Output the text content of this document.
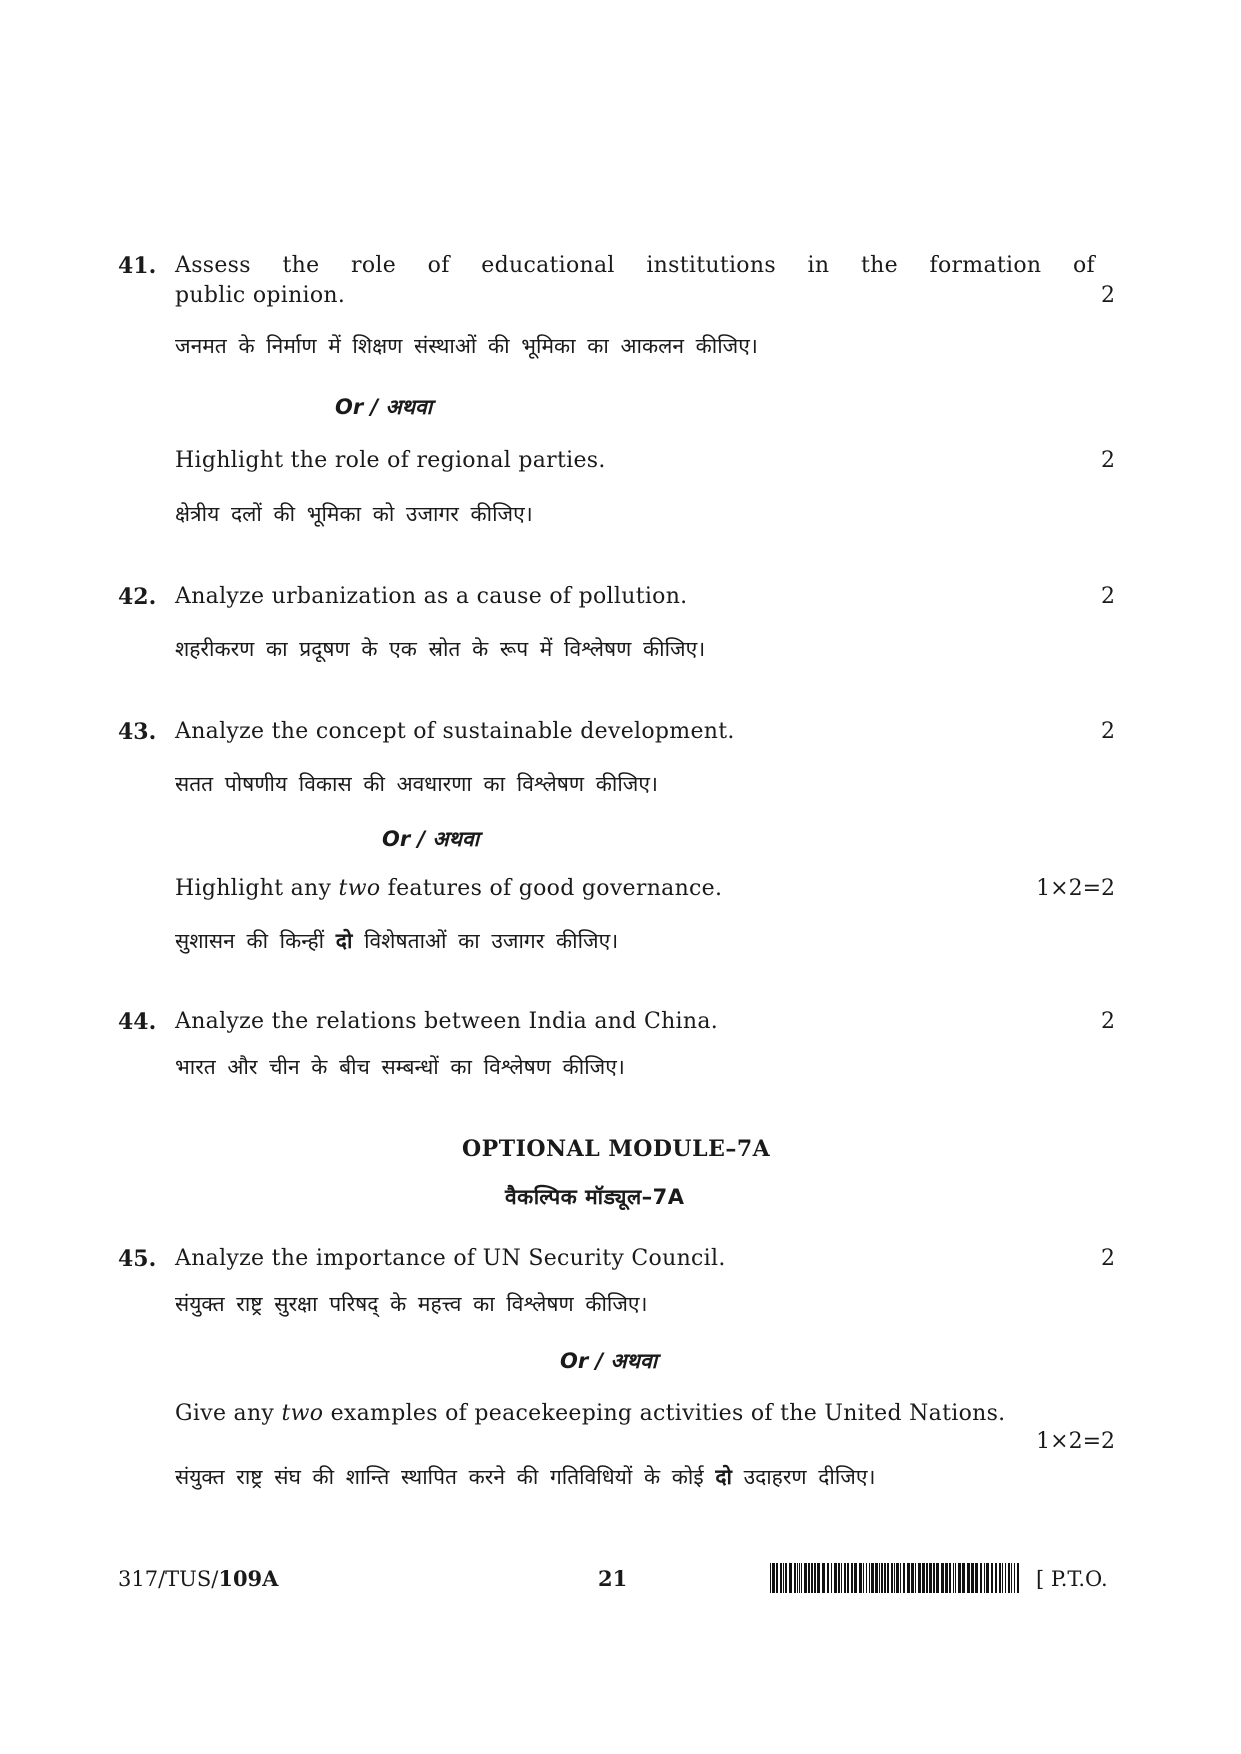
41. Assess the role of educational institutions in the formation of
public opinion.	2
जनमत के निर्माण में शिक्षण संस्थाओं की भूमिका का आकलन कीजिए।
Or / अथवा
Highlight the role of regional parties.	2
क्षेत्रीय दलों की भूमिका को उजागर कीजिए।
42. Analyze urbanization as a cause of pollution.	2
शहरीकरण का प्रदूषण के एक स्रोत के रूप में विश्लेषण कीजिए।
43. Analyze the concept of sustainable development.	2
सतत पोषणीय विकास की अवधारणा का विश्लेषण कीजिए।
Or / अथवा
Highlight any two features of good governance.	1×2=2
सुशासन की किन्हीं दो विशेषताओं का उजागर कीजिए।
44. Analyze the relations between India and China.	2
भारत और चीन के बीच सम्बन्धों का विश्लेषण कीजिए।
OPTIONAL MODULE–7A
वैकल्पिक मॉड्यूल–7A
45. Analyze the importance of UN Security Council.	2
संयुक्त राष्ट्र सुरक्षा परिषद् के महत्त्व का विश्लेषण कीजिए।
Or / अथवा
Give any two examples of peacekeeping activities of the United Nations.
1×2=2
संयुक्त राष्ट्र संघ की शान्ति स्थापित करने की गतिविधियों के कोई दो उदाहरण दीजिए।
317/TUS/109A	21	[ P.T.O.
